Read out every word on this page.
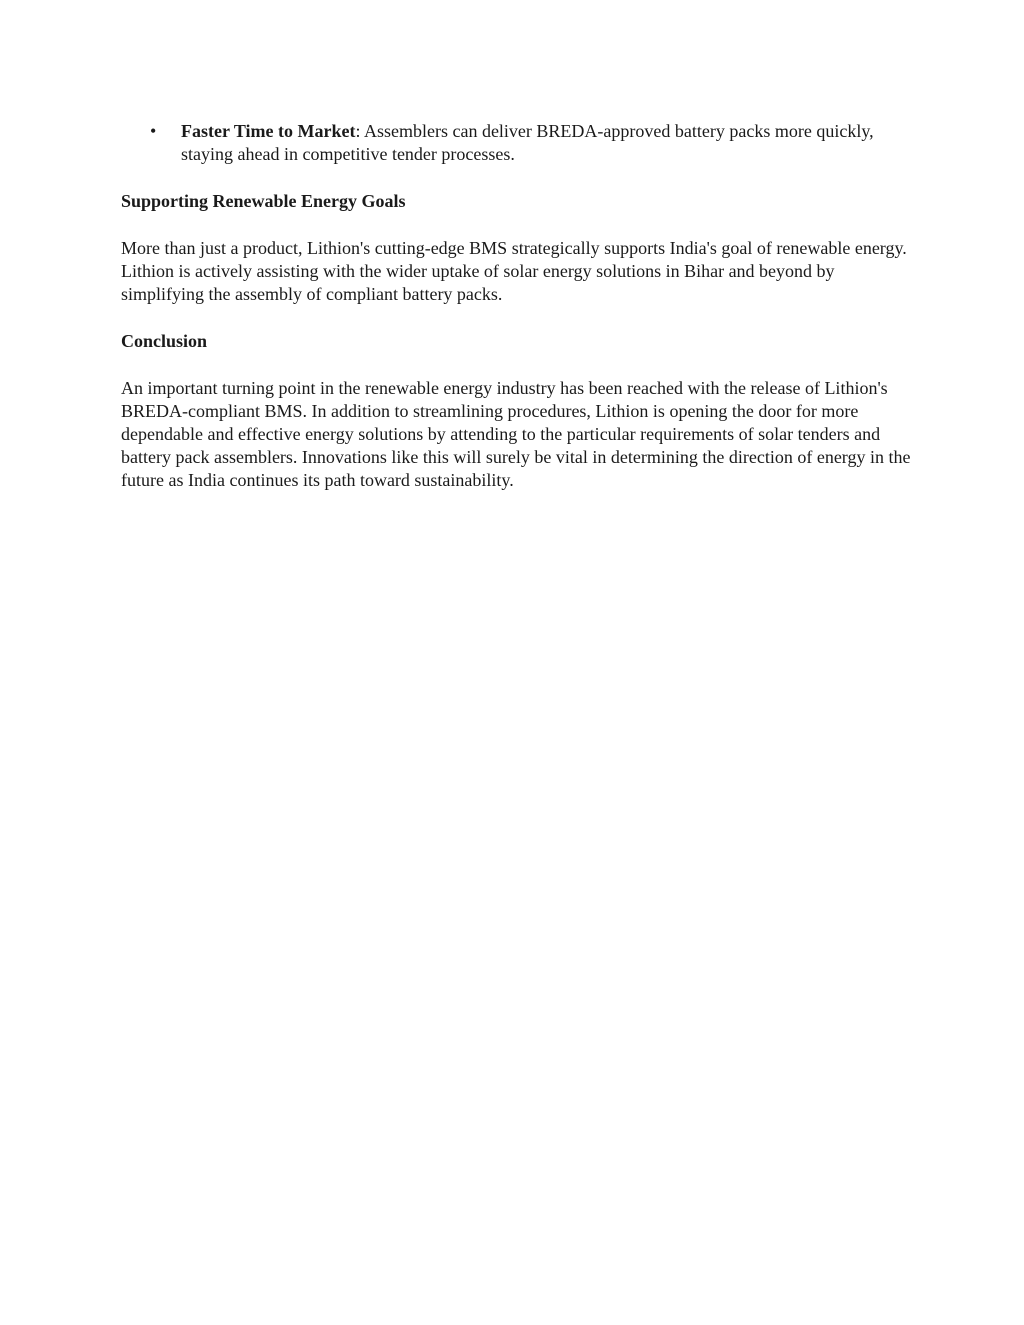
• Faster Time to Market: Assemblers can deliver BREDA-approved battery packs more quickly, staying ahead in competitive tender processes.
Supporting Renewable Energy Goals

More than just a product, Lithion's cutting-edge BMS strategically supports India's goal of renewable energy. Lithion is actively assisting with the wider uptake of solar energy solutions in Bihar and beyond by simplifying the assembly of compliant battery packs.

Conclusion

An important turning point in the renewable energy industry has been reached with the release of Lithion's BREDA-compliant BMS. In addition to streamlining procedures, Lithion is opening the door for more dependable and effective energy solutions by attending to the particular requirements of solar tenders and battery pack assemblers. Innovations like this will surely be vital in determining the direction of energy in the future as India continues its path toward sustainability.
